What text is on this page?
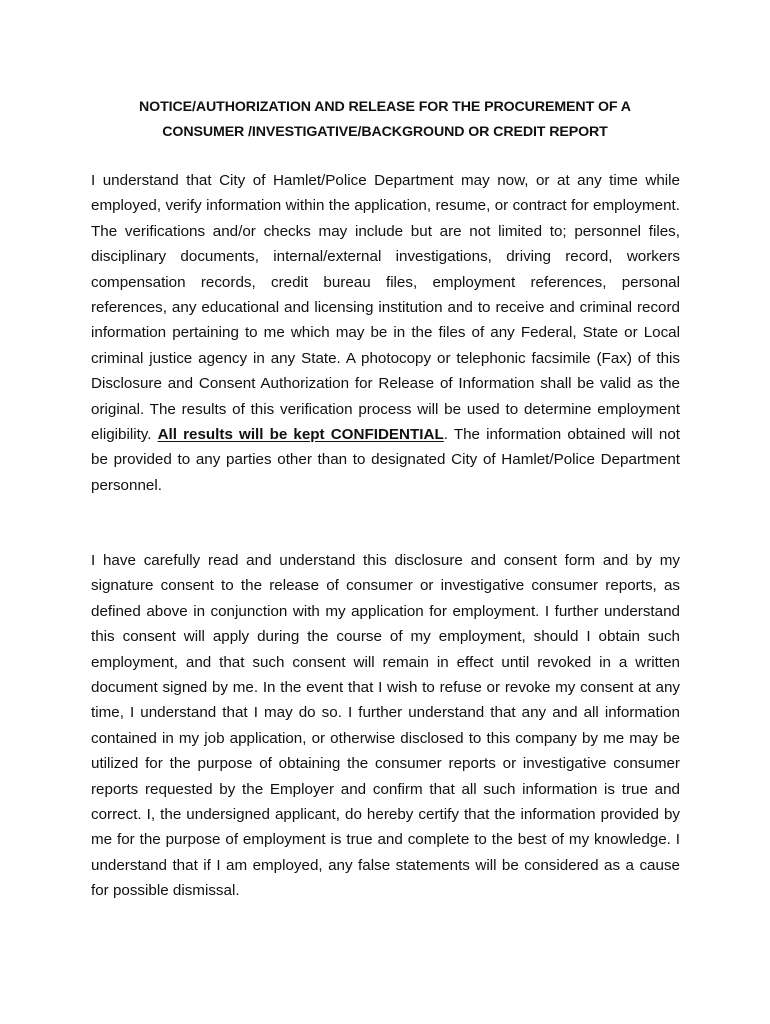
NOTICE/AUTHORIZATION AND RELEASE FOR THE PROCUREMENT OF A
CONSUMER /INVESTIGATIVE/BACKGROUND OR CREDIT REPORT

I understand that City of Hamlet/Police Department may now, or at any time while employed, verify information within the application, resume, or contract for employment. The verifications and/or checks may include but are not limited to; personnel files, disciplinary documents, internal/external investigations, driving record, workers compensation records, credit bureau files, employment references, personal references, any educational and licensing institution and to receive and criminal record information pertaining to me which may be in the files of any Federal, State or Local criminal justice agency in any State. A photocopy or telephonic facsimile (Fax) of this Disclosure and Consent Authorization for Release of Information shall be valid as the original. The results of this verification process will be used to determine employment eligibility. All results will be kept CONFIDENTIAL. The information obtained will not be provided to any parties other than to designated City of Hamlet/Police Department personnel.

I have carefully read and understand this disclosure and consent form and by my signature consent to the release of consumer or investigative consumer reports, as defined above in conjunction with my application for employment. I further understand this consent will apply during the course of my employment, should I obtain such employment, and that such consent will remain in effect until revoked in a written document signed by me. In the event that I wish to refuse or revoke my consent at any time, I understand that I may do so. I further understand that any and all information contained in my job application, or otherwise disclosed to this company by me may be utilized for the purpose of obtaining the consumer reports or investigative consumer reports requested by the Employer and confirm that all such information is true and correct. I, the undersigned applicant, do hereby certify that the information provided by me for the purpose of employment is true and complete to the best of my knowledge. I understand that if I am employed, any false statements will be considered as a cause for possible dismissal.
